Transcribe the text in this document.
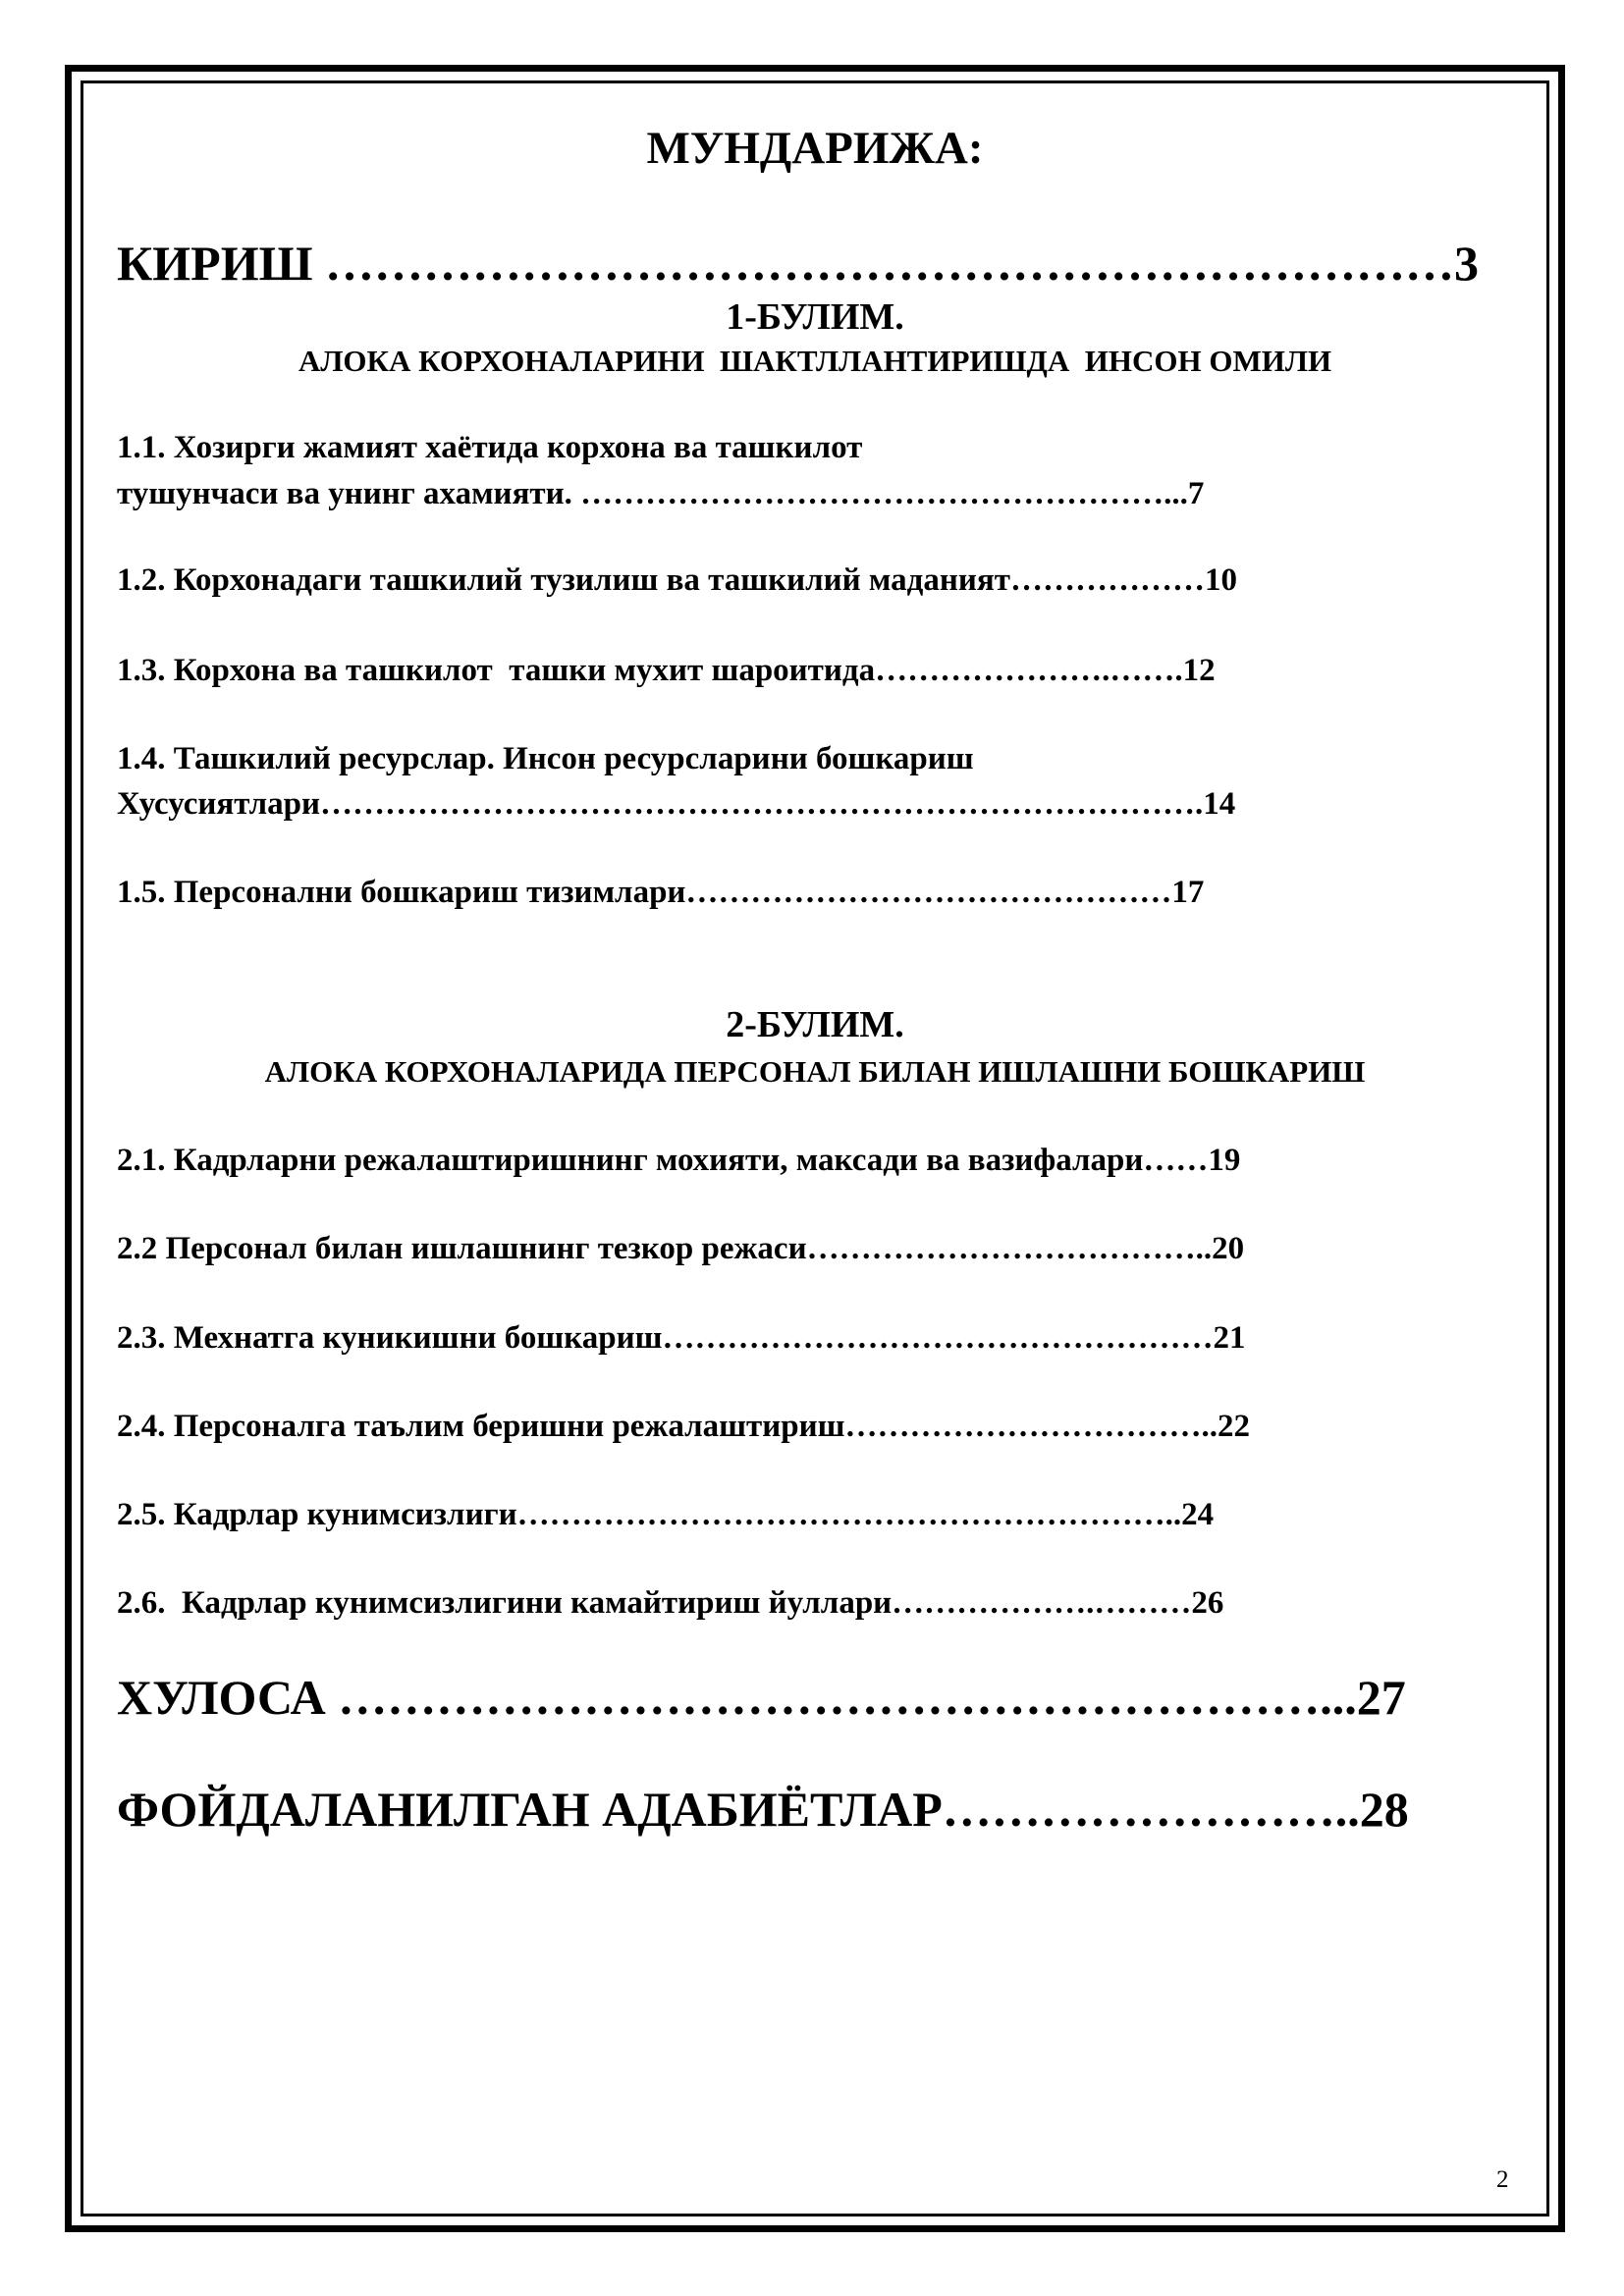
МУНДАРИЖА:
КИРИШ ……………………………………………………………3
1-БУЛИМ.
АЛОКА КОРХОНАЛАРИНИ  ШАКТЛЛАНТИРИШДА  ИНСОН ОМИЛИ
1.1. Хозирги жамият хаётида корхона ва ташкилот
тушунчаси ва унинг ахамияти. ………………………………………………...7
1.2. Корхонадаги ташкилий тузилиш ва ташкилий маданият………………10
1.3. Корхона ва ташкилот  ташки мухит шароитида………………….…….12
1.4. Ташкилий ресурслар. Инсон ресурсларини бошкариш
Хусусиятлари……………………………………………………………………….14
1.5. Персонални бошкариш тизимлари………………………………………17
2-БУЛИМ.
АЛОКА КОРХОНАЛАРИДА ПЕРСОНАЛ БИЛАН ИШЛАШНИ БОШКАРИШ
2.1. Кадрларни режалаштиришнинг мохияти, максади ва вазифалари……19
2.2 Персонал билан ишлашнинг тезкор режаси………………………………..20
2.3. Мехнатга куникишни бошкариш……………………………………………21
2.4. Персоналга таълим беришни режалаштириш……………………………..22
2.5. Кадрлар кунимсизлиги……………………………………………………..24
2.6.  Кадрлар кунимсизлигини камайтириш йуллари……………….………26
ХУЛОСА ……………………………………………………...27
ФОЙДАЛАНИЛГАН АДАБИЁТЛАР……………………..28
2
